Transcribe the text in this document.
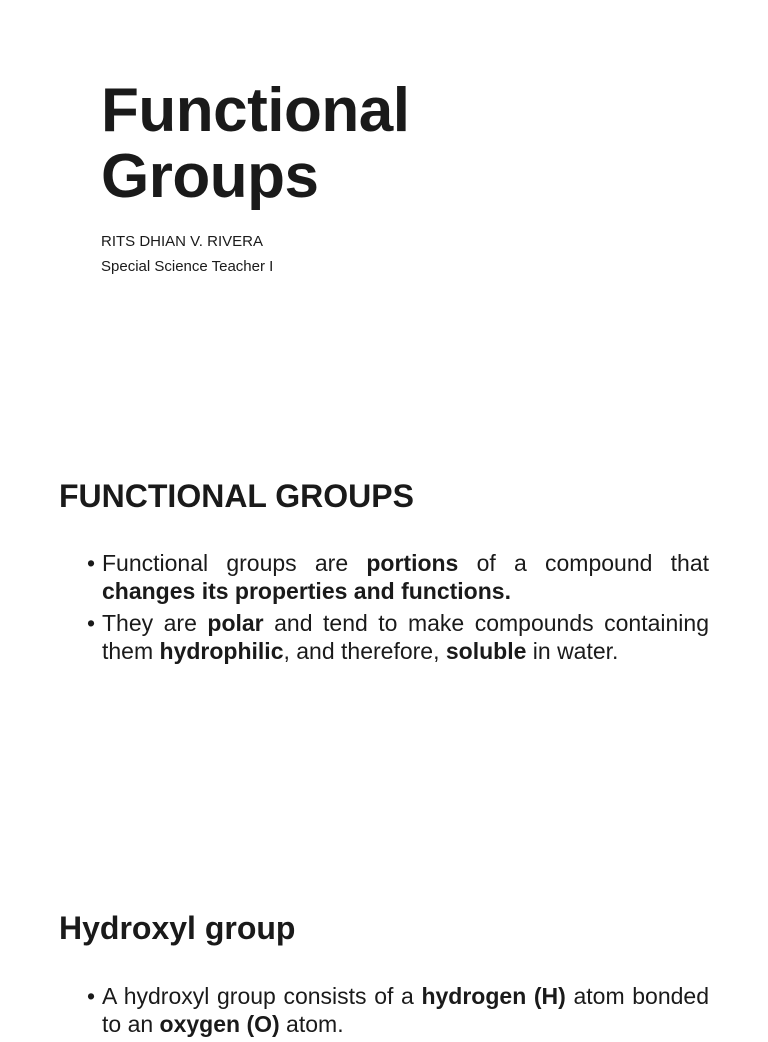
Functional
Groups
RITS DHIAN V. RIVERA
Special Science Teacher I
FUNCTIONAL GROUPS
• Functional groups are portions of a compound that changes its properties and functions.
• They are polar and tend to make compounds containing them hydrophilic, and therefore, soluble in water.
Hydroxyl group
• A hydroxyl group consists of a hydrogen (H) atom bonded to an oxygen (O) atom.
